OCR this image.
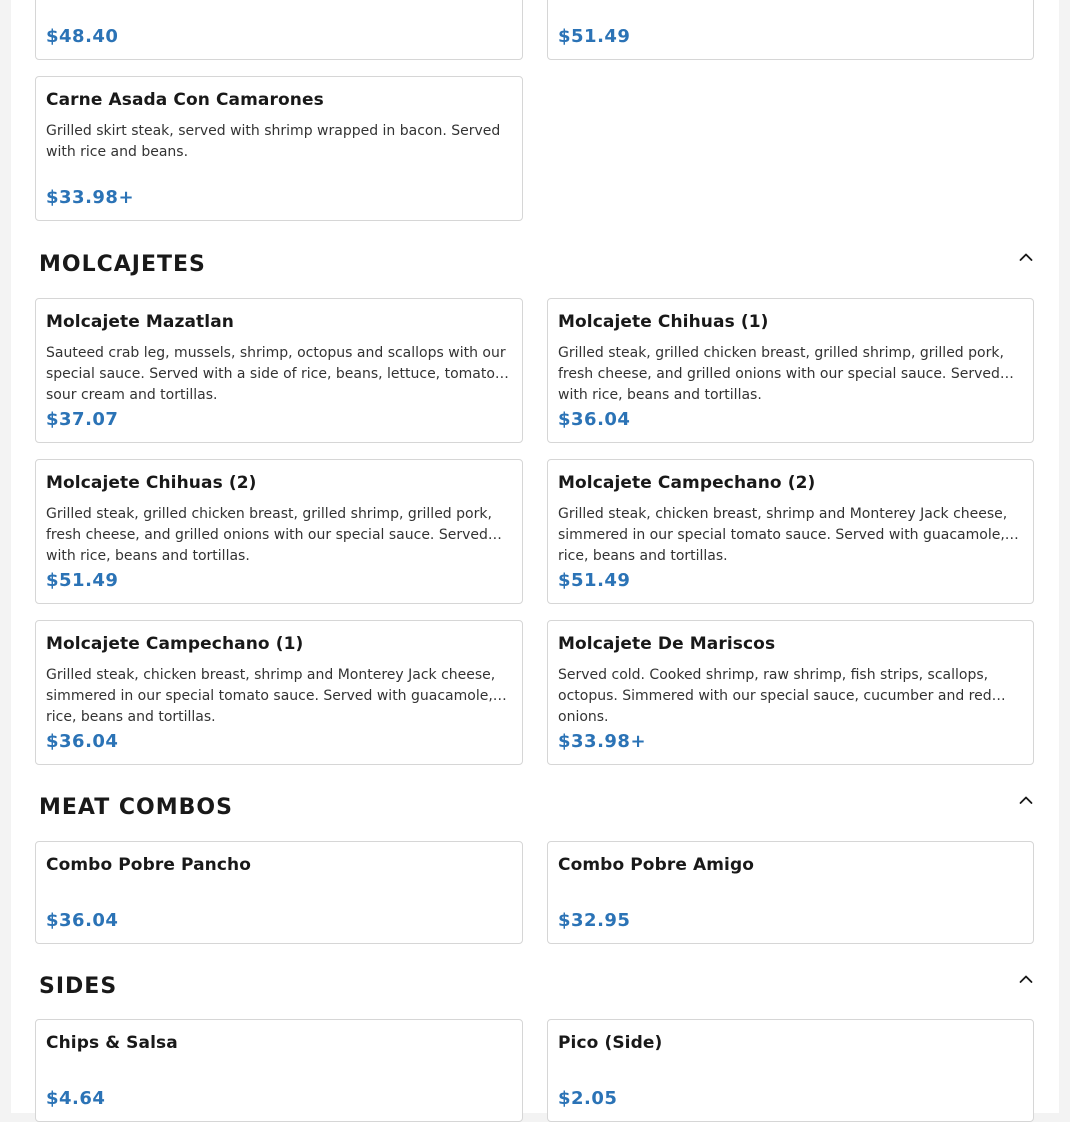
$48.40	$51.49
Carne Asada Con Camarones
Grilled skirt steak, served with shrimp wrapped in bacon. Served with rice and beans.
$33.98+
MOLCAJETES
Molcajete Mazatlan
Sauteed crab leg, mussels, shrimp, octopus and scallops with our special sauce. Served with a side of rice, beans, lettuce, tomato, sour cream and tortillas.
$37.07
Molcajete Chihuas (1)
Grilled steak, grilled chicken breast, grilled shrimp, grilled pork, fresh cheese, and grilled onions with our special sauce. Served with rice, beans and tortillas.
$36.04
Molcajete Chihuas (2)
Grilled steak, grilled chicken breast, grilled shrimp, grilled pork, fresh cheese, and grilled onions with our special sauce. Served with rice, beans and tortillas.
$51.49
Molcajete Campechano (2)
Grilled steak, chicken breast, shrimp and Monterey Jack cheese, simmered in our special tomato sauce. Served with guacamole, rice, beans and tortillas.
$51.49
Molcajete Campechano (1)
Grilled steak, chicken breast, shrimp and Monterey Jack cheese, simmered in our special tomato sauce. Served with guacamole, rice, beans and tortillas.
$36.04
Molcajete De Mariscos
Served cold. Cooked shrimp, raw shrimp, fish strips, scallops, octopus. Simmered with our special sauce, cucumber and red onions.
$33.98+
MEAT COMBOS
Combo Pobre Pancho
$36.04
Combo Pobre Amigo
$32.95
SIDES
Chips & Salsa
$4.64
Pico (Side)
$2.05
